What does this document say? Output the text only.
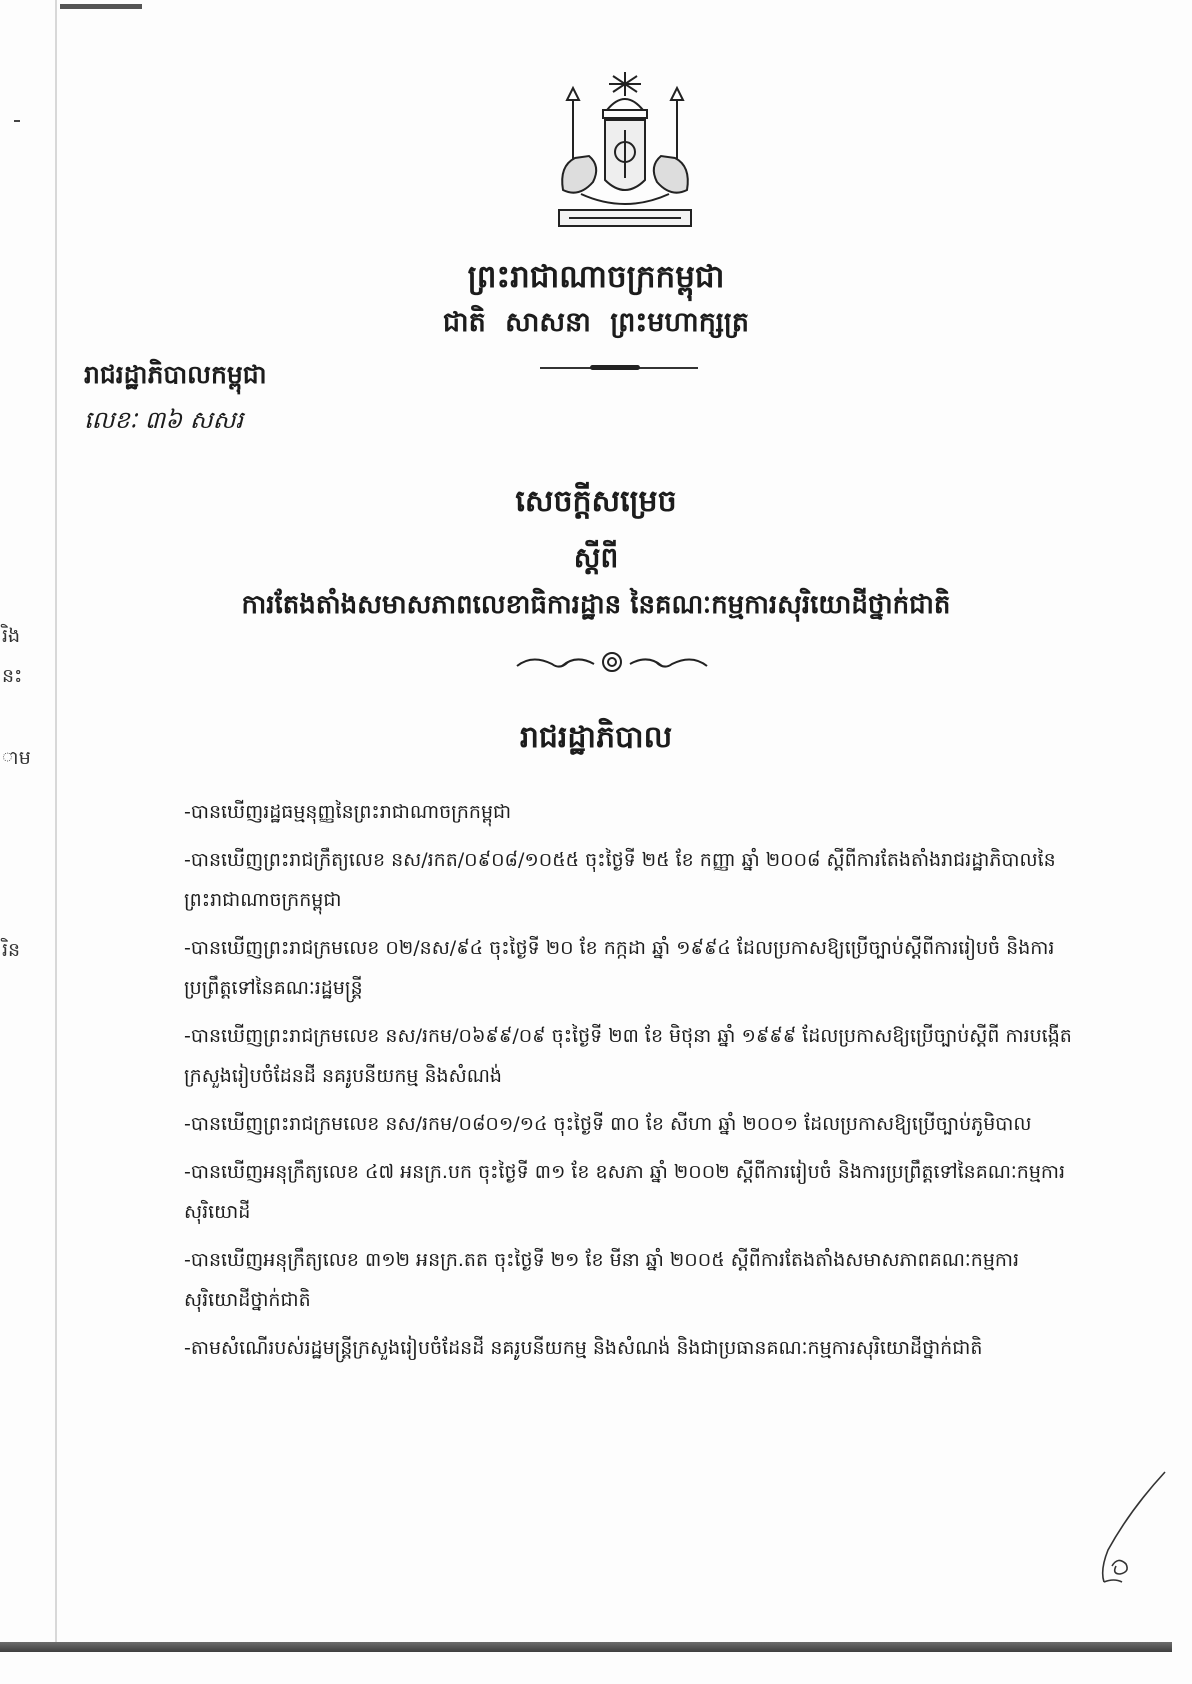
រិង
នះ
ាម
រិន
ព្រះរាជាណាចក្រកម្ពុជា
ជាតិ សាសនា ព្រះមហាក្សត្រ
រាជរដ្ឋាភិបាលកម្ពុជា
លេខៈ ៣៦ សសរ
សេចក្ដីសម្រេច
ស្ដីពី
ការតែងតាំងសមាសភាពលេខាធិការដ្ឋាន នៃគណៈកម្មការសុរិយោដីថ្នាក់ជាតិ
រាជរដ្ឋាភិបាល

-បានឃើញរដ្ឋធម្មនុញ្ញនៃព្រះរាជាណាចក្រកម្ពុជា

-បានឃើញព្រះរាជក្រឹត្យលេខ នស/រកត/០៩០៨/១០៥៥ ចុះថ្ងៃទី ២៥ ខែ កញ្ញា ឆ្នាំ ២០០៨ ស្ដីពីការតែងតាំងរាជរដ្ឋាភិបាលនៃព្រះរាជាណាចក្រកម្ពុជា

-បានឃើញព្រះរាជក្រមលេខ ០២/នស/៩៤ ចុះថ្ងៃទី ២០ ខែ កក្កដា ឆ្នាំ ១៩៩៤ ដែលប្រកាសឱ្យប្រើច្បាប់ស្ដីពីការរៀបចំ និងការប្រព្រឹត្តទៅនៃគណៈរដ្ឋមន្ត្រី

-បានឃើញព្រះរាជក្រមលេខ នស/រកម/០៦៩៩/០៩ ចុះថ្ងៃទី ២៣ ខែ មិថុនា ឆ្នាំ ១៩៩៩ ដែលប្រកាសឱ្យប្រើច្បាប់ស្ដីពី ការបង្កើតក្រសួងរៀបចំដែនដី នគរូបនីយកម្ម និងសំណង់

-បានឃើញព្រះរាជក្រមលេខ នស/រកម/០៨០១/១៤ ចុះថ្ងៃទី ៣០ ខែ សីហា ឆ្នាំ ២០០១ ដែលប្រកាសឱ្យប្រើច្បាប់ភូមិបាល

-បានឃើញអនុក្រឹត្យលេខ ៤៧ អនក្រ.បក ចុះថ្ងៃទី ៣១ ខែ ឧសភា ឆ្នាំ ២០០២ ស្ដីពីការរៀបចំ និងការប្រព្រឹត្តទៅនៃគណៈកម្មការសុរិយោដី

-បានឃើញអនុក្រឹត្យលេខ ៣១២ អនក្រ.តត ចុះថ្ងៃទី ២១ ខែ មីនា ឆ្នាំ ២០០៥ ស្ដីពីការតែងតាំងសមាសភាពគណៈកម្មការសុរិយោដីថ្នាក់ជាតិ

-តាមសំណើរបស់រដ្ឋមន្ត្រីក្រសួងរៀបចំដែនដី នគរូបនីយកម្ម និងសំណង់ និងជាប្រធានគណៈកម្មការសុរិយោដីថ្នាក់ជាតិ
